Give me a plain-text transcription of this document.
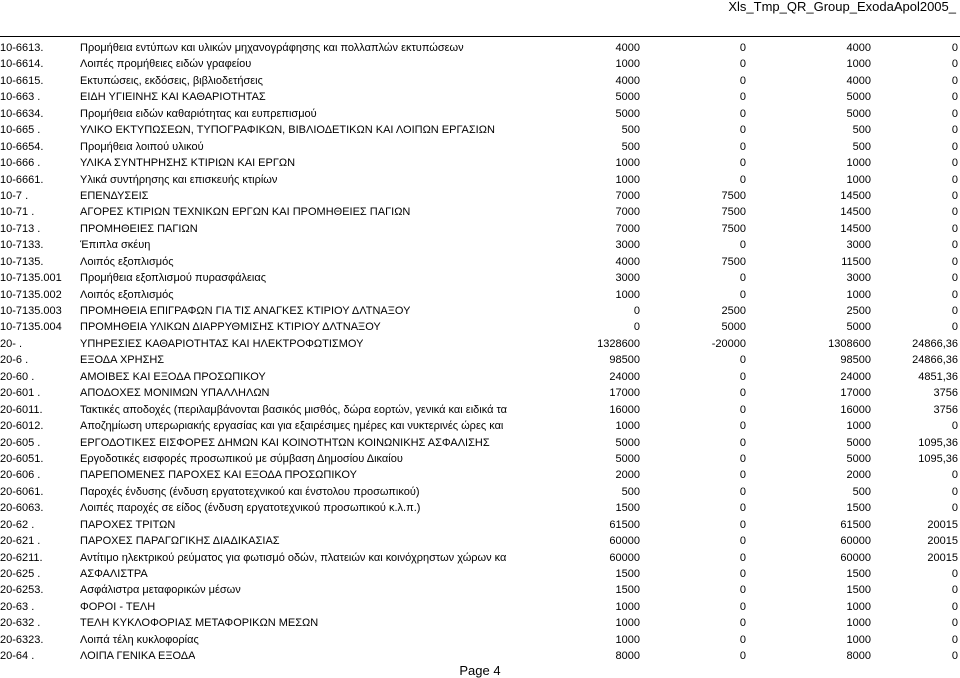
Xls_Tmp_QR_Group_ExodaApol2005_
10-6613.	Προμήθεια εντύπων και υλικών μηχανογράφησης και πολλαπλών εκτυπώσεων	4000	0	4000	0
10-6614.	Λοιπές προμήθειες ειδών γραφείου	1000	0	1000	0
10-6615.	Εκτυπώσεις, εκδόσεις, βιβλιοδετήσεις	4000	0	4000	0
10-663 .	ΕΙΔΗ ΥΓΙΕΙΝΗΣ ΚΑΙ ΚΑΘΑΡΙΟΤΗΤΑΣ	5000	0	5000	0
10-6634.	Προμήθεια ειδών καθαριότητας και ευπρεπισμού	5000	0	5000	0
10-665 .	ΥΛΙΚΟ ΕΚΤΥΠΩΣΕΩΝ, ΤΥΠΟΓΡΑΦΙΚΩΝ, ΒΙΒΛΙΟΔΕΤΙΚΩΝ ΚΑΙ ΛΟΙΠΩΝ ΕΡΓΑΣΙΩΝ	500	0	500	0
10-6654.	Προμήθεια λοιπού υλικού	500	0	500	0
10-666 .	ΥΛΙΚΑ ΣΥΝΤΗΡΗΣΗΣ ΚΤΙΡΙΩΝ ΚΑΙ ΕΡΓΩΝ	1000	0	1000	0
10-6661.	Υλικά συντήρησης και επισκευής κτιρίων	1000	0	1000	0
10-7 .	ΕΠΕΝΔΥΣΕΙΣ	7000	7500	14500	0
10-71 .	ΑΓΟΡΕΣ ΚΤΙΡΙΩΝ ΤΕΧΝΙΚΩΝ ΕΡΓΩΝ ΚΑΙ ΠΡΟΜΗΘΕΙΕΣ ΠΑΓΙΩΝ	7000	7500	14500	0
10-713 .	ΠΡΟΜΗΘΕΙΕΣ ΠΑΓΙΩΝ	7000	7500	14500	0
10-7133.	Έπιπλα σκέυη	3000	0	3000	0
10-7135.	Λοιπός εξοπλισμός	4000	7500	11500	0
10-7135.001 Προμήθεια εξοπλισμού πυρασφάλειας	3000	0	3000	0
10-7135.002 Λοιπός εξοπλισμός	1000	0	1000	0
10-7135.003 ΠΡΟΜΗΘΕΙΑ ΕΠΙΓΡΑΦΩΝ ΓΙΑ ΤΙΣ ΑΝΑΓΚΕΣ ΚΤΙΡΙΟΥ ΔΛΤΝΑΞΟΥ	0	2500	2500	0
10-7135.004 ΠΡΟΜΗΘΕΙΑ ΥΛΙΚΩΝ ΔΙΑΡΡΥΘΜΙΣΗΣ ΚΤΙΡΙΟΥ ΔΛΤΝΑΞΟΥ	0	5000	5000	0
20- .	ΥΠΗΡΕΣΙΕΣ ΚΑΘΑΡΙΟΤΗΤΑΣ ΚΑΙ ΗΛΕΚΤΡΟΦΩΤΙΣΜΟΥ	1328600	-20000	1308600	24866,36
20-6 .	ΕΞΟΔΑ ΧΡΗΣΗΣ	98500	0	98500	24866,36
20-60 .	ΑΜΟΙΒΕΣ ΚΑΙ ΕΞΟΔΑ ΠΡΟΣΩΠΙΚΟΥ	24000	0	24000	4851,36
20-601 .	ΑΠΟΔΟΧΕΣ ΜΟΝΙΜΩΝ ΥΠΑΛΛΗΛΩΝ	17000	0	17000	3756
20-6011.	Τακτικές αποδοχές (περιλαμβάνονται βασικός μισθός, δώρα εορτών, γενικά και ειδικά τα	16000	0	16000	3756
20-6012.	Αποζημίωση υπερωριακής εργασίας και για εξαιρέσιμες ημέρες και νυκτερινές ώρες και	1000	0	1000	0
20-605 .	ΕΡΓΟΔΟΤΙΚΕΣ ΕΙΣΦΟΡΕΣ ΔΗΜΩΝ ΚΑΙ ΚΟΙΝΟΤΗΤΩΝ ΚΟΙΝΩΝΙΚΗΣ ΑΣΦΑΛΙΣΗΣ	5000	0	5000	1095,36
20-6051.	Εργοδοτικές εισφορές προσωπικού με σύμβαση Δημοσίου Δικαίου	5000	0	5000	1095,36
20-606 .	ΠΑΡΕΠΟΜΕΝΕΣ ΠΑΡΟΧΕΣ ΚΑΙ ΕΞΟΔΑ ΠΡΟΣΩΠΙΚΟΥ	2000	0	2000	0
20-6061.	Παροχές ένδυσης (ένδυση εργατοτεχνικού και ένστολου προσωπικού)	500	0	500	0
20-6063.	Λοιπές παροχές σε είδος (ένδυση εργατοτεχνικού προσωπικού κ.λ.π.)	1500	0	1500	0
20-62 .	ΠΑΡΟΧΕΣ ΤΡΙΤΩΝ	61500	0	61500	20015
20-621 .	ΠΑΡΟΧΕΣ ΠΑΡΑΓΩΓΙΚΗΣ ΔΙΑΔΙΚΑΣΙΑΣ	60000	0	60000	20015
20-6211.	Αντίτιμο ηλεκτρικού ρεύματος για φωτισμό οδών, πλατειών και κοινόχρηστων χώρων κα	60000	0	60000	20015
20-625 .	ΑΣΦΑΛΙΣΤΡΑ	1500	0	1500	0
20-6253.	Ασφάλιστρα μεταφορικών μέσων	1500	0	1500	0
20-63 .	ΦΟΡΟΙ - ΤΕΛΗ	1000	0	1000	0
20-632 .	ΤΕΛΗ ΚΥΚΛΟΦΟΡΙΑΣ ΜΕΤΑΦΟΡΙΚΩΝ ΜΕΣΩΝ	1000	0	1000	0
20-6323.	Λοιπά τέλη κυκλοφορίας	1000	0	1000	0
20-64 .	ΛΟΙΠΑ ΓΕΝΙΚΑ ΕΞΟΔΑ	8000	0	8000	0
Page 4
